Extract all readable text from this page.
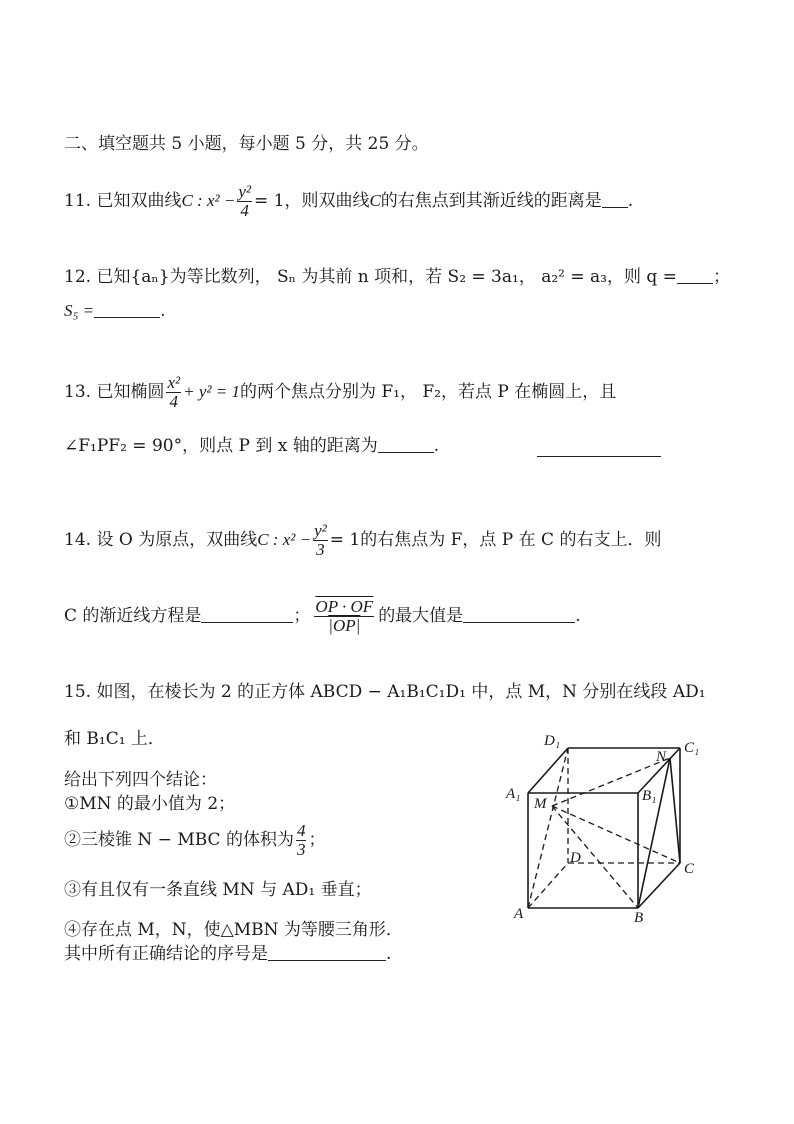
二、填空题共 5 小题，每小题 5 分，共 25 分。
11. 已知双曲线C : $x^2 - \frac{\text{y²}}{4} = 1$，则双曲线C的右焦点到其渐近线的距离是 .
12. 已知{aₙ}为等比数列， Sₙ 为其前 n 项和，若 S₂ = 3a₁， a₂² = a₃，则 q = ；
S₅ =	.
13. 已知椭圆 $\frac{\text{x²}}{4} + y^2 = 1$的两个焦点分别为 F₁， F₂，若点 P 在椭圆上，且
∠F₁PF₂ = 90°，则点 P 到 x 轴的距离为	.
14. 设 O 为原点，双曲线C : $x^2 - \frac{\text{y²}}{3} = 1$的右焦点为 F，点 P 在 C 的右支上．则
C 的渐近线方程是	； $\frac{OP \cdot OF}{|OP|}$ 的最大值是	.
15. 如图，在棱长为 2 的正方体 ABCD − A₁B₁C₁D₁ 中，点 M，N 分别在线段 AD₁
和 B₁C₁ 上．
给出下列四个结论：
①MN 的最小值为 2；
②三棱锥 N − MBC 的体积为 $\frac{4}{3}$ ；
③有且仅有一条直线 MN 与 AD₁ 垂直；
④存在点 M，N，使△MBN 为等腰三角形．
其中所有正确结论的序号是	.
D₁	C₁
N
A₁
M	B₁
D
C
A	B
